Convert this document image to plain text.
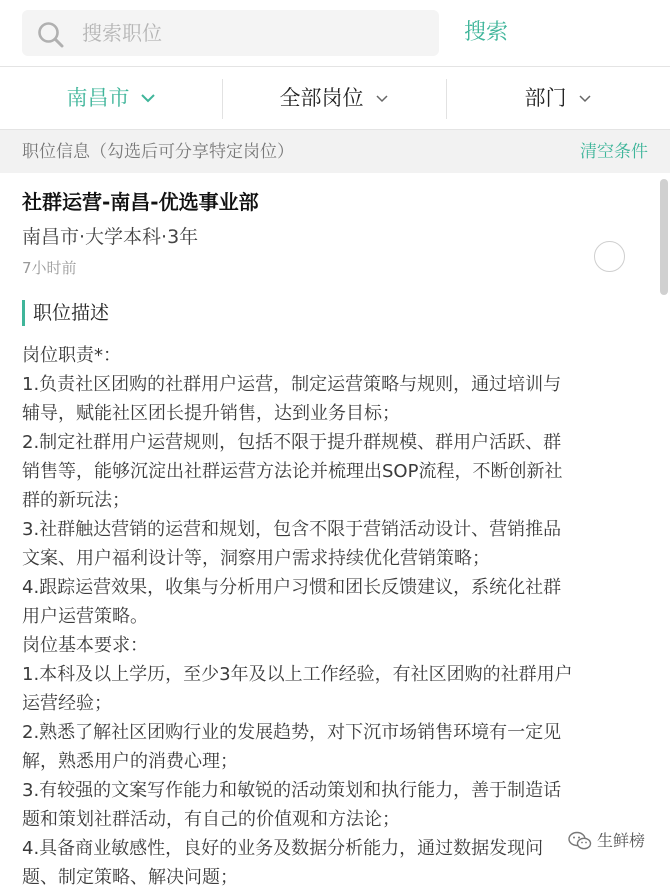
搜索职位	搜索
南昌市	全部岗位	部门
职位信息（勾选后可分享特定岗位）	清空条件
社群运营-南昌-优选事业部
南昌市·大学本科·3年
7小时前
职位描述
岗位职责*：
1.负责社区团购的社群用户运营，制定运营策略与规则，通过培训与
辅导，赋能社区团长提升销售，达到业务目标；
2.制定社群用户运营规则，包括不限于提升群规模、群用户活跃、群
销售等，能够沉淀出社群运营方法论并梳理出SOP流程，不断创新社
群的新玩法；
3.社群触达营销的运营和规划，包含不限于营销活动设计、营销推品
文案、用户福利设计等，洞察用户需求持续优化营销策略；
4.跟踪运营效果，收集与分析用户习惯和团长反馈建议，系统化社群
用户运营策略。
岗位基本要求：
1.本科及以上学历，至少3年及以上工作经验，有社区团购的社群用户
运营经验；
2.熟悉了解社区团购行业的发展趋势，对下沉市场销售环境有一定见
解，熟悉用户的消费心理；
3.有较强的文案写作能力和敏锐的活动策划和执行能力，善于制造话
题和策划社群活动，有自己的价值观和方法论；
4.具备商业敏感性，良好的业务及数据分析能力，通过数据发现问
题、制定策略、解决问题；
生鲜榜
